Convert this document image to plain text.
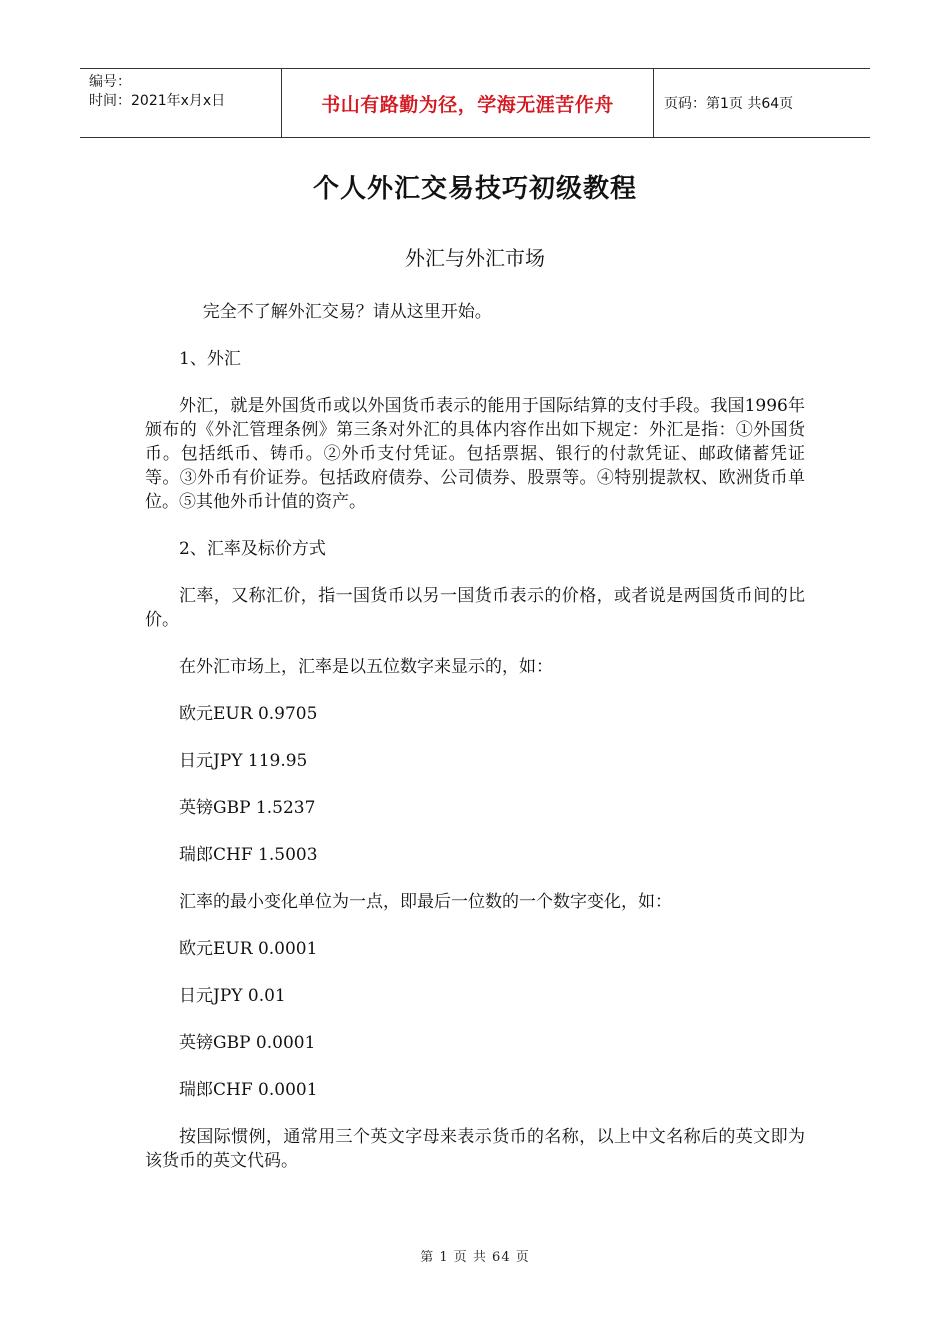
编号：
时间：2021年x月x日	书山有路勤为径，学海无涯苦作舟	页码：第1页 共64页
个人外汇交易技巧初级教程
外汇与外汇市场

完全不了解外汇交易？请从这里开始。

1、外汇

外汇，就是外国货币或以外国货币表示的能用于国际结算的支付手段。我国1996年颁布的《外汇管理条例》第三条对外汇的具体内容作出如下规定：外汇是指：①外国货币。包括纸币、铸币。②外币支付凭证。包括票据、银行的付款凭证、邮政储蓄凭证等。③外币有价证券。包括政府债券、公司债券、股票等。④特别提款权、欧洲货币单位。⑤其他外币计值的资产。

2、汇率及标价方式

汇率，又称汇价，指一国货币以另一国货币表示的价格，或者说是两国货币间的比价。

在外汇市场上，汇率是以五位数字来显示的，如：

欧元EUR 0.9705

日元JPY 119.95

英镑GBP 1.5237

瑞郎CHF 1.5003

汇率的最小变化单位为一点，即最后一位数的一个数字变化，如：

欧元EUR 0.0001

日元JPY 0.01

英镑GBP 0.0001

瑞郎CHF 0.0001

按国际惯例，通常用三个英文字母来表示货币的名称，以上中文名称后的英文即为该货币的英文代码。

第 1 页 共 64 页
